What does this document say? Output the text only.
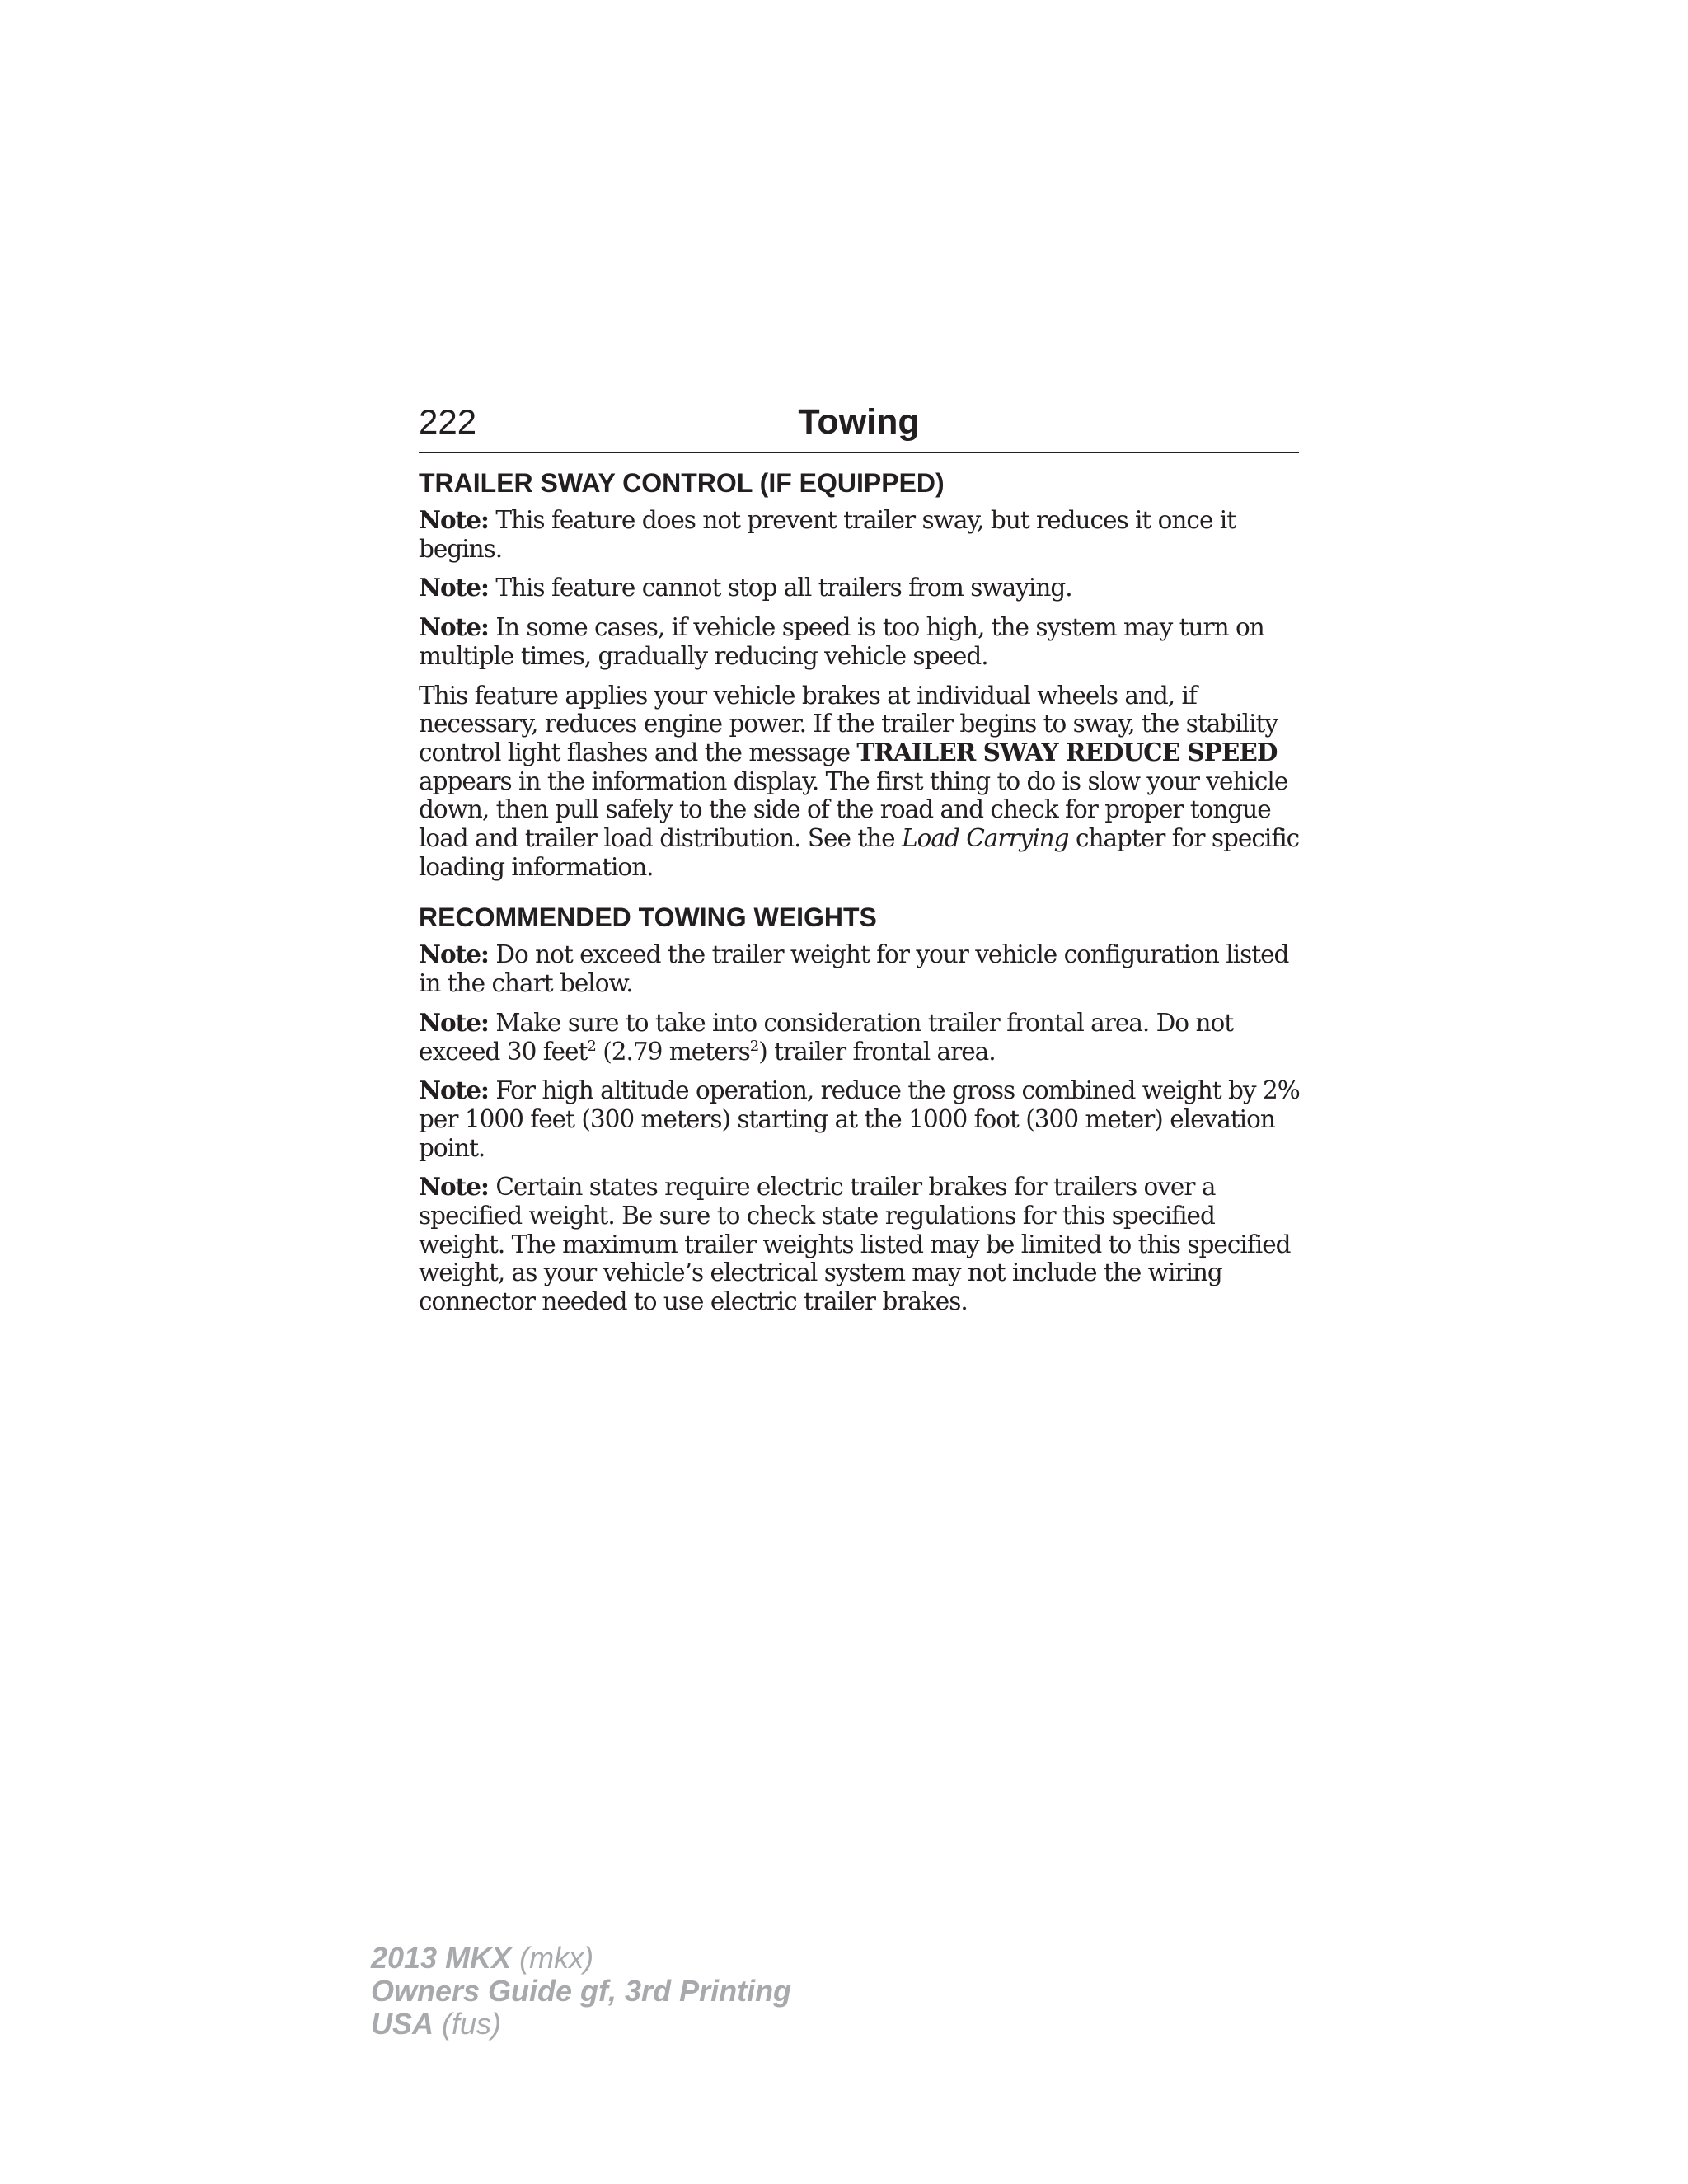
222	Towing
TRAILER SWAY CONTROL (IF EQUIPPED)

Note: This feature does not prevent trailer sway, but reduces it once it begins.

Note: This feature cannot stop all trailers from swaying.

Note: In some cases, if vehicle speed is too high, the system may turn on multiple times, gradually reducing vehicle speed.

This feature applies your vehicle brakes at individual wheels and, if necessary, reduces engine power. If the trailer begins to sway, the stability control light flashes and the message TRAILER SWAY REDUCE SPEED appears in the information display. The first thing to do is slow your vehicle down, then pull safely to the side of the road and check for proper tongue load and trailer load distribution. See the Load Carrying chapter for specific loading information.

RECOMMENDED TOWING WEIGHTS

Note: Do not exceed the trailer weight for your vehicle configuration listed in the chart below.

Note: Make sure to take into consideration trailer frontal area. Do not exceed 30 feet$^2$ (2.79 meters$^2$) trailer frontal area.

Note: For high altitude operation, reduce the gross combined weight by 2% per 1000 feet (300 meters) starting at the 1000 foot (300 meter) elevation point.

Note: Certain states require electric trailer brakes for trailers over a specified weight. Be sure to check state regulations for this specified weight. The maximum trailer weights listed may be limited to this specified weight, as your vehicle’s electrical system may not include the wiring connector needed to use electric trailer brakes.

2013 MKX (mkx)
Owners Guide gf, 3rd Printing
USA (fus)
